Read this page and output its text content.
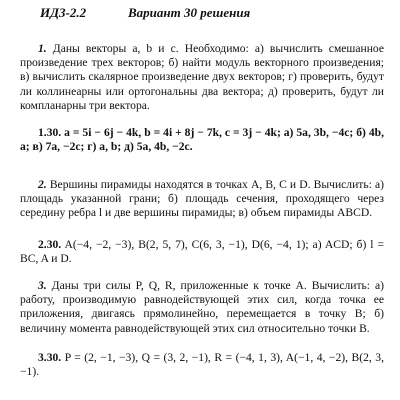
ИДЗ-2.2	Вариант 30 решения

1. Даны векторы a, b и c. Необходимо: а) вычислить смешанное произведение трех векторов; б) найти модуль векторного произведения; в) вычислить скалярное произведение двух векторов; г) проверить, будут ли коллинеарны или ортогональны два вектора; д) проверить, будут ли компланарны три вектора.

1.30. a = 5i − 6j − 4k, b = 4i + 8j − 7k, c = 3j − 4k; а) 5a, 3b, −4c; б) 4b, a; в) 7a, −2c; г) a, b; д) 5a, 4b, −2c.

2. Вершины пирамиды находятся в точках A, B, C и D. Вычислить: а) площадь указанной грани; б) площадь сечения, проходящего через середину ребра l и две вершины пирамиды; в) объем пирамиды ABCD.

2.30. A(−4, −2, −3), B(2, 5, 7), C(6, 3, −1), D(6, −4, 1); а) ACD; б) l = BC, A и D.

3. Даны три силы P, Q, R, приложенные к точке A. Вычислить: а) работу, производимую равнодействующей этих сил, когда точка ее приложения, двигаясь прямолинейно, перемещается в точку B; б) величину момента равнодействующей этих сил относительно точки B.

3.30. P = (2, −1, −3), Q = (3, 2, −1), R = (−4, 1, 3), A(−1, 4, −2), B(2, 3, −1).
